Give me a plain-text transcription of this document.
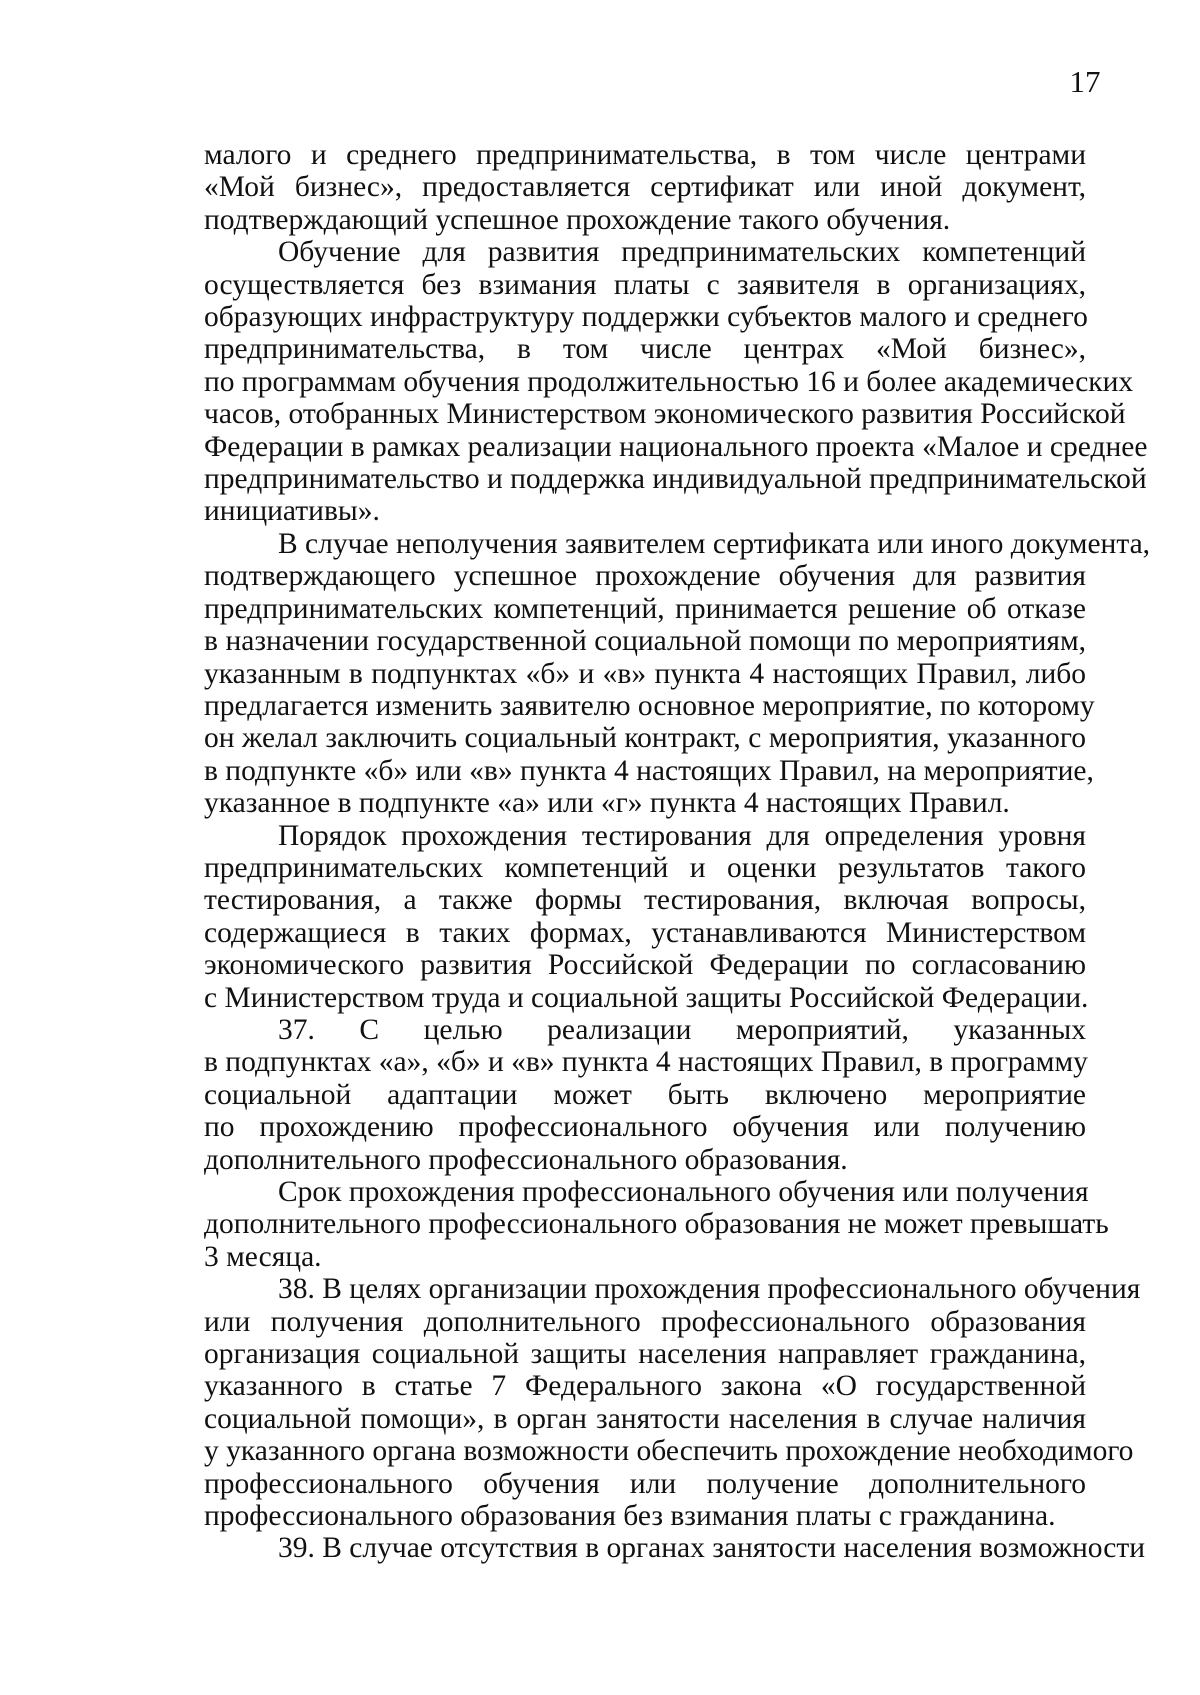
17
малого и среднего предпринимательства, в том числе центрами
«Мой бизнес», предоставляется сертификат или иной документ,
подтверждающий успешное прохождение такого обучения.
Обучение для развития предпринимательских компетенций
осуществляется без взимания платы с заявителя в организациях,
образующих инфраструктуру поддержки субъектов малого и среднего
предпринимательства, в том числе центрах «Мой бизнес»,
по программам обучения продолжительностью 16 и более академических
часов, отобранных Министерством экономического развития Российской
Федерации в рамках реализации национального проекта «Малое и среднее
предпринимательство и поддержка индивидуальной предпринимательской
инициативы».
В случае неполучения заявителем сертификата или иного документа,
подтверждающего успешное прохождение обучения для развития
предпринимательских компетенций, принимается решение об отказе
в назначении государственной социальной помощи по мероприятиям,
указанным в подпунктах «б» и «в» пункта 4 настоящих Правил, либо
предлагается изменить заявителю основное мероприятие, по которому
он желал заключить социальный контракт, с мероприятия, указанного
в подпункте «б» или «в» пункта 4 настоящих Правил, на мероприятие,
указанное в подпункте «а» или «г» пункта 4 настоящих Правил.
Порядок прохождения тестирования для определения уровня
предпринимательских компетенций и оценки результатов такого
тестирования, а также формы тестирования, включая вопросы,
содержащиеся в таких формах, устанавливаются Министерством
экономического развития Российской Федерации по согласованию
с Министерством труда и социальной защиты Российской Федерации.
37. С целью реализации мероприятий, указанных
в подпунктах «а», «б» и «в» пункта 4 настоящих Правил, в программу
социальной адаптации может быть включено мероприятие
по прохождению профессионального обучения или получению
дополнительного профессионального образования.
Срок прохождения профессионального обучения или получения
дополнительного профессионального образования не может превышать
3 месяца.
38. В целях организации прохождения профессионального обучения
или получения дополнительного профессионального образования
организация социальной защиты населения направляет гражданина,
указанного в статье 7 Федерального закона «О государственной
социальной помощи», в орган занятости населения в случае наличия
у указанного органа возможности обеспечить прохождение необходимого
профессионального обучения или получение дополнительного
профессионального образования без взимания платы с гражданина.
39. В случае отсутствия в органах занятости населения возможности
